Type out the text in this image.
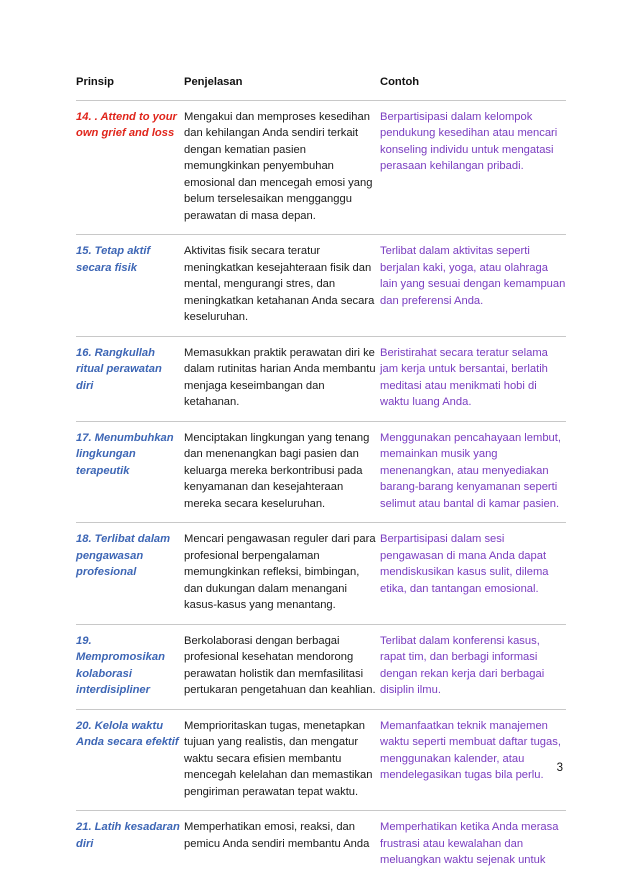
Prinsip	Penjelasan	Contoh
14. . Attend to your own grief and loss
Mengakui dan memproses kesedihan dan kehilangan Anda sendiri terkait dengan kematian pasien memungkinkan penyembuhan emosional dan mencegah emosi yang belum terselesaikan mengganggu perawatan di masa depan.
Berpartisipasi dalam kelompok pendukung kesedihan atau mencari konseling individu untuk mengatasi perasaan kehilangan pribadi.
15. Tetap aktif secara fisik
Aktivitas fisik secara teratur meningkatkan kesejahteraan fisik dan mental, mengurangi stres, dan meningkatkan ketahanan Anda secara keseluruhan.
Terlibat dalam aktivitas seperti berjalan kaki, yoga, atau olahraga lain yang sesuai dengan kemampuan dan preferensi Anda.
16. Rangkullah ritual perawatan diri
Memasukkan praktik perawatan diri ke dalam rutinitas harian Anda membantu menjaga keseimbangan dan ketahanan.
Beristirahat secara teratur selama jam kerja untuk bersantai, berlatih meditasi atau menikmati hobi di waktu luang Anda.
17. Menumbuhkan lingkungan terapeutik
Menciptakan lingkungan yang tenang dan menenangkan bagi pasien dan keluarga mereka berkontribusi pada kenyamanan dan kesejahteraan mereka secara keseluruhan.
Menggunakan pencahayaan lembut, memainkan musik yang menenangkan, atau menyediakan barang-barang kenyamanan seperti selimut atau bantal di kamar pasien.
18. Terlibat dalam pengawasan profesional
Mencari pengawasan reguler dari para profesional berpengalaman memungkinkan refleksi, bimbingan, dan dukungan dalam menangani kasus-kasus yang menantang.
Berpartisipasi dalam sesi pengawasan di mana Anda dapat mendiskusikan kasus sulit, dilema etika, dan tantangan emosional.
19. Mempromosikan kolaborasi interdisipliner
Berkolaborasi dengan berbagai profesional kesehatan mendorong perawatan holistik dan memfasilitasi pertukaran pengetahuan dan keahlian.
Terlibat dalam konferensi kasus, rapat tim, dan berbagi informasi dengan rekan kerja dari berbagai disiplin ilmu.
20. Kelola waktu Anda secara efektif
Memprioritaskan tugas, menetapkan tujuan yang realistis, dan mengatur waktu secara efisien membantu mencegah kelelahan dan memastikan pengiriman perawatan tepat waktu.
Memanfaatkan teknik manajemen waktu seperti membuat daftar tugas, menggunakan kalender, atau mendelegasikan tugas bila perlu.
21. Latih kesadaran diri
Memperhatikan emosi, reaksi, dan pemicu Anda sendiri membantu Anda
Memperhatikan ketika Anda merasa frustrasi atau kewalahan dan meluangkan waktu sejenak untuk
3
